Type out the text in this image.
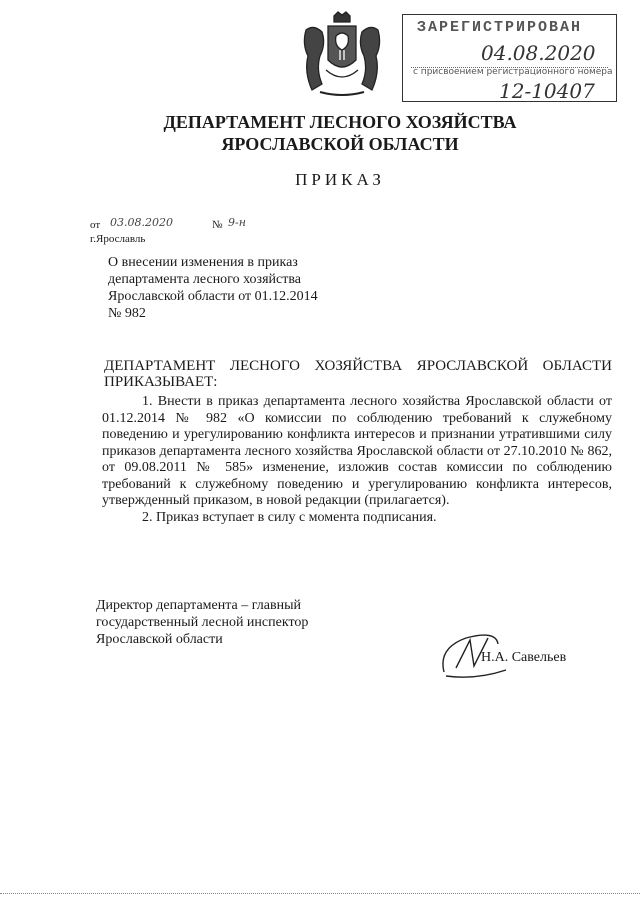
ЗАРЕГИСТРИРОВАН
04.08.2020
с присвоением регистрационного номера
12-10407
ДЕПАРТАМЕНТ ЛЕСНОГО ХОЗЯЙСТВА
ЯРОСЛАВСКОЙ ОБЛАСТИ
ПРИКАЗ
от 03.08.2020	№ 9-н
г.Ярославль

О внесении изменения в приказ

департамента лесного хозяйства

Ярославской области от 01.12.2014

№ 982

ДЕПАРТАМЕНТ ЛЕСНОГО ХОЗЯЙСТВА ЯРОСЛАВСКОЙ ОБЛАСТИ
ПРИКАЗЫВАЕТ:

1. Внести в приказ департамента лесного хозяйства Ярославской области от 01.12.2014 № 982 «О комиссии по соблюдению требований к служебному поведению и урегулированию конфликта интересов и признании утратившими силу приказов департамента лесного хозяйства Ярославской области от 27.10.2010 № 862, от 09.08.2011 № 585» изменение, изложив состав комиссии по соблюдению требований к служебному поведению и урегулированию конфликта интересов, утвержденный приказом, в новой редакции (прилагается).

2. Приказ вступает в силу с момента подписания.

Директор департамента – главный

государственный лесной инспектор

Ярославской области

Н.А. Савельев
